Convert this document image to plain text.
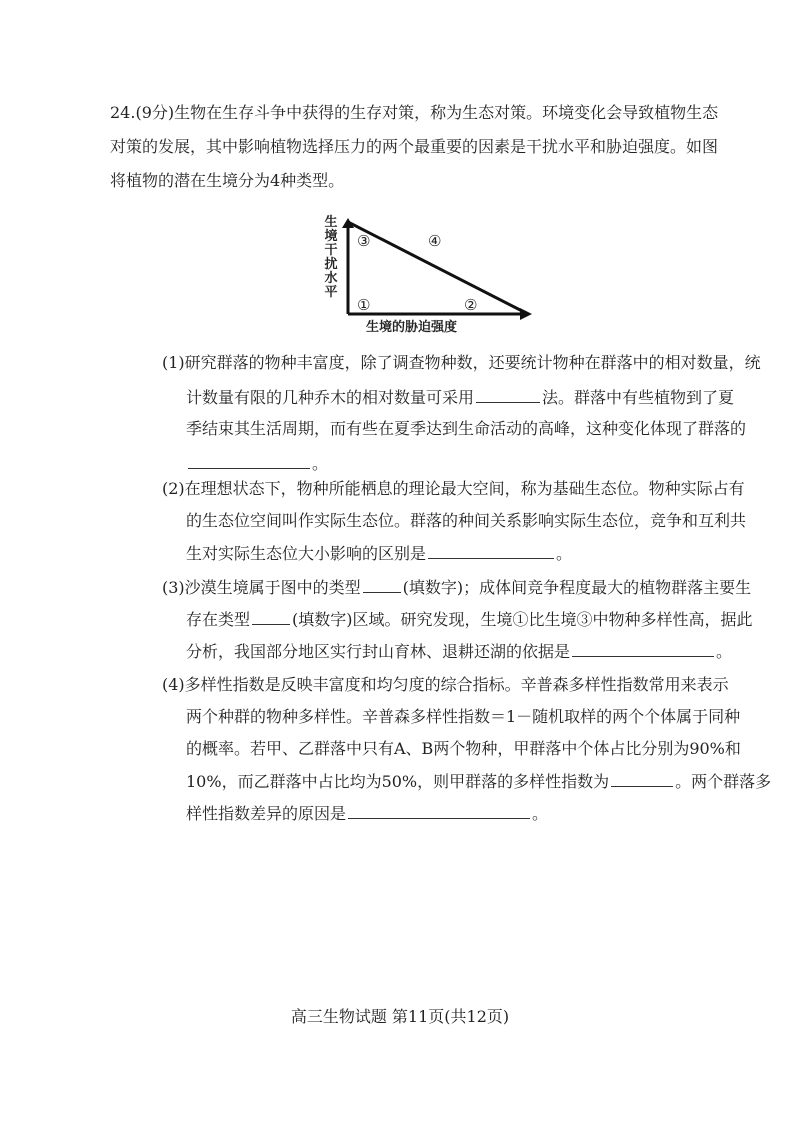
24.(9分)生物在生存斗争中获得的生存对策，称为生态对策。环境变化会导致植物生态
对策的发展，其中影响植物选择压力的两个最重要的因素是干扰水平和胁迫强度。如图
将植物的潜在生境分为4种类型。
生境干扰水平
生境的胁迫强度
③	④
①	②
(1)研究群落的物种丰富度，除了调查物种数，还要统计物种在群落中的相对数量，统
计数量有限的几种乔木的相对数量可采用	法。群落中有些植物到了夏
季结束其生活周期，而有些在夏季达到生命活动的高峰，这种变化体现了群落的
。
(2)在理想状态下，物种所能栖息的理论最大空间，称为基础生态位。物种实际占有
的生态位空间叫作实际生态位。群落的种间关系影响实际生态位，竞争和互利共
生对实际生态位大小影响的区别是	。
(3)沙漠生境属于图中的类型	(填数字)；成体间竞争程度最大的植物群落主要生
存在类型	(填数字)区域。研究发现，生境①比生境③中物种多样性高，据此
分析，我国部分地区实行封山育林、退耕还湖的依据是	。
(4)多样性指数是反映丰富度和均匀度的综合指标。辛普森多样性指数常用来表示
两个种群的物种多样性。辛普森多样性指数＝1－随机取样的两个个体属于同种
的概率。若甲、乙群落中只有A、B两个物种，甲群落中个体占比分别为90%和
10%，而乙群落中占比均为50%，则甲群落的多样性指数为	。两个群落多
样性指数差异的原因是	。
高三生物试题 第11页(共12页)
